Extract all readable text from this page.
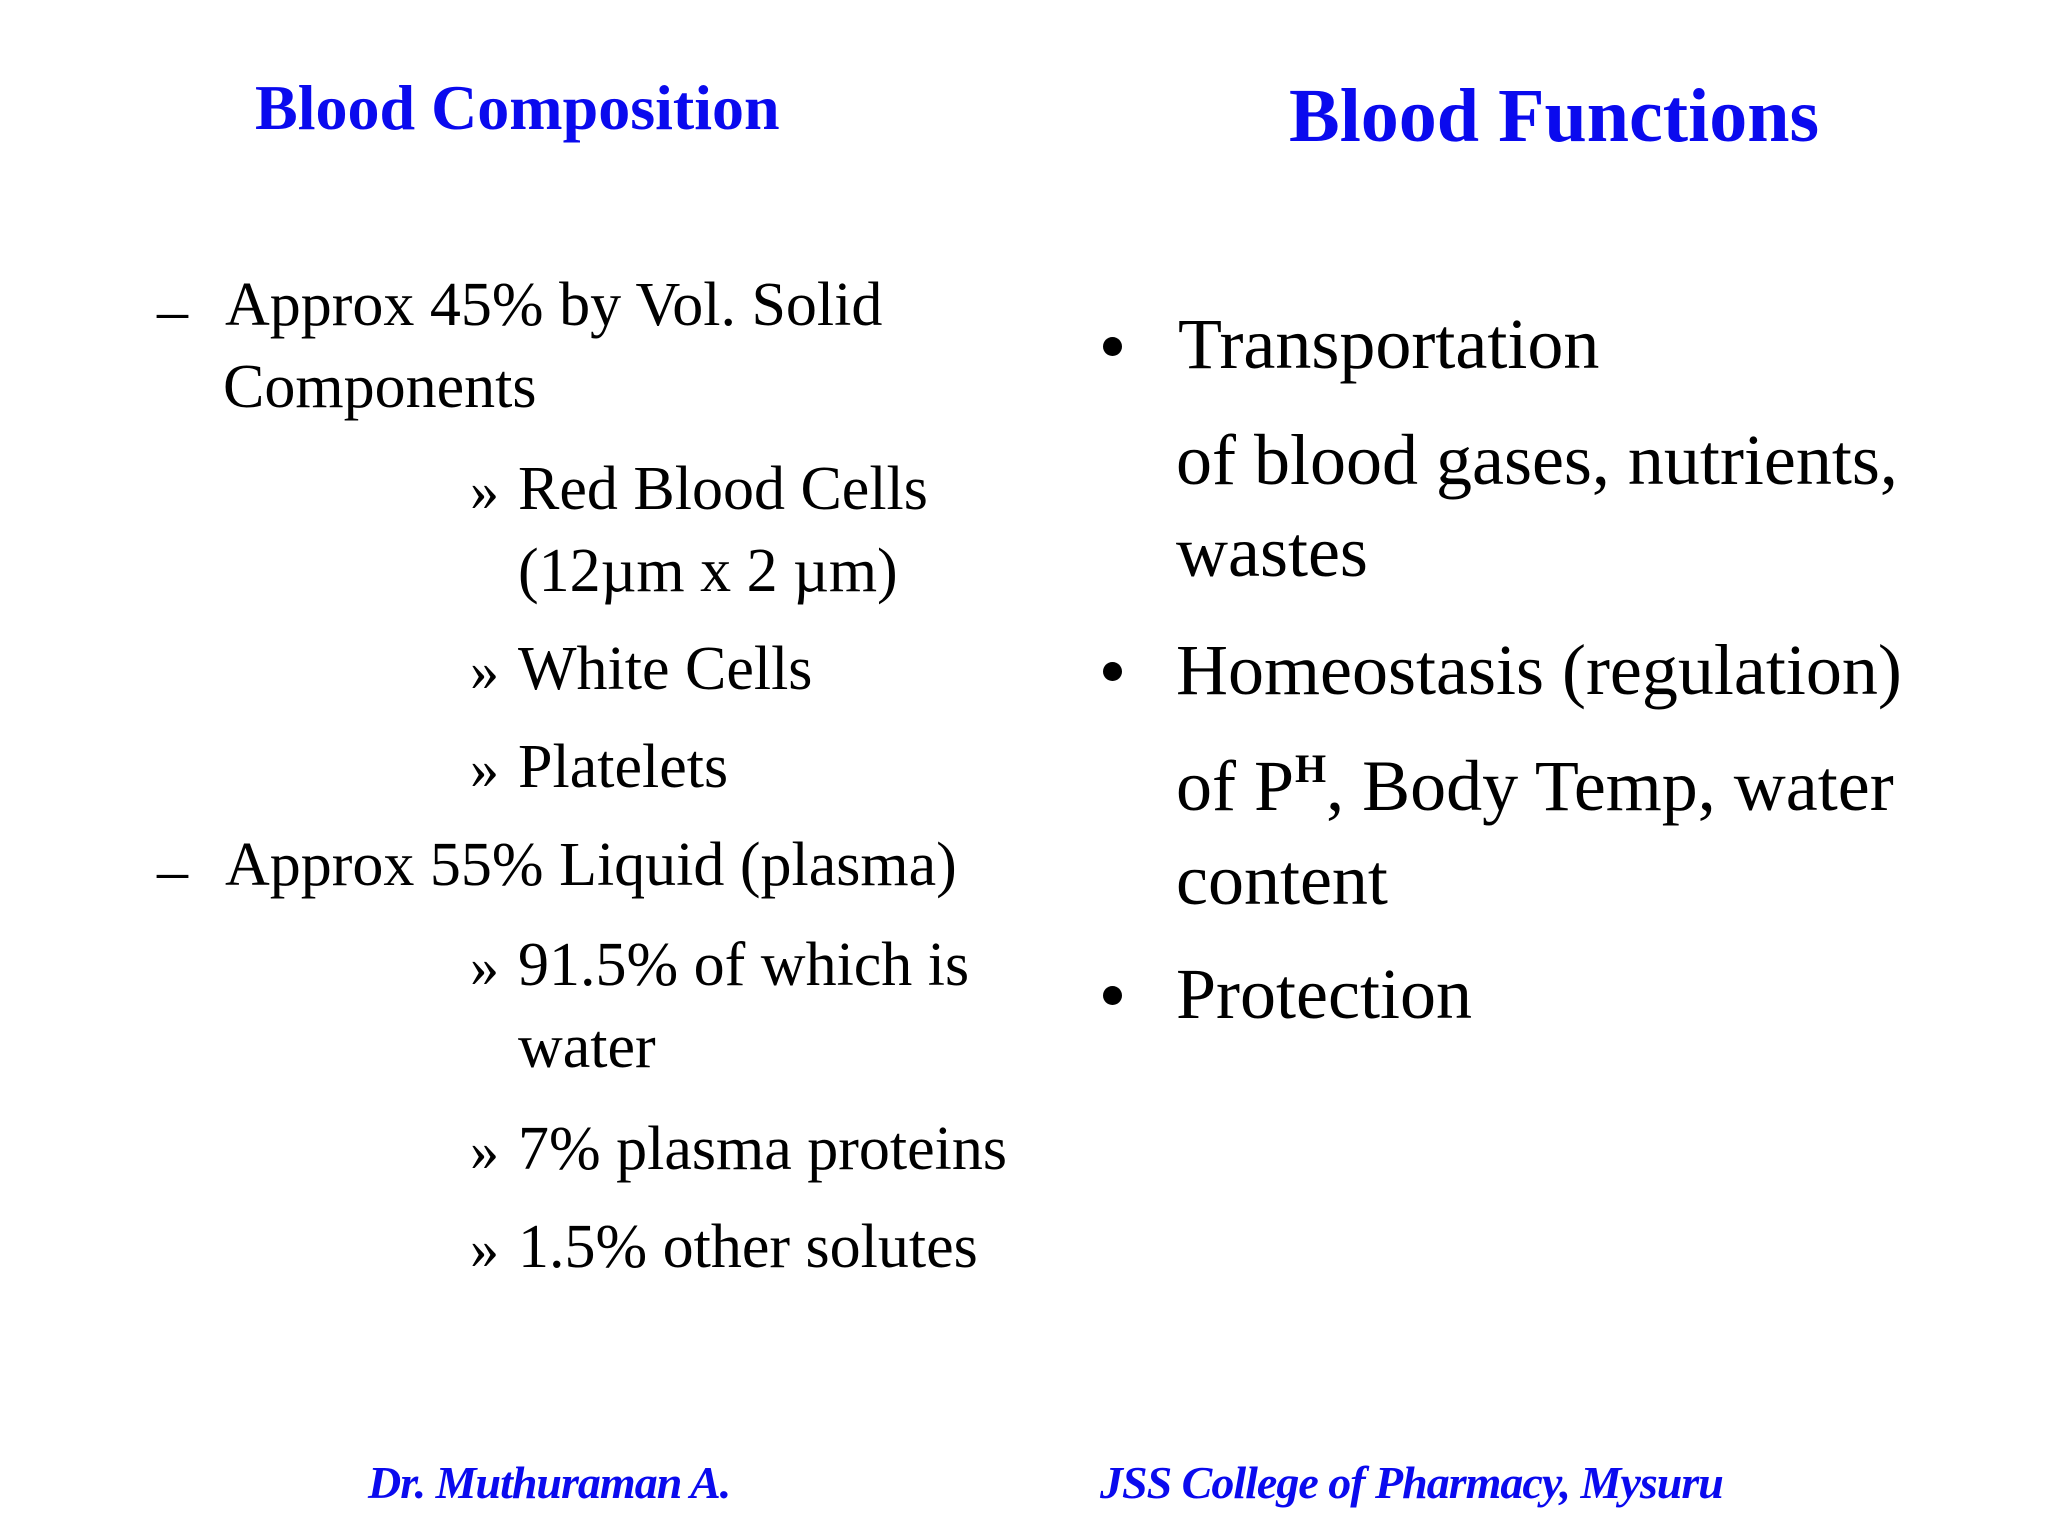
Blood Composition	Blood Functions
– Approx 45% by Vol. Solid
Components
» Red Blood Cells
(12µm x 2 µm)
» White Cells
» Platelets
– Approx 55% Liquid (plasma)
» 91.5% of which is
water
» 7% plasma proteins
» 1.5% other solutes
Transportation
of blood gases, nutrients,
wastes
Homeostasis (regulation)
of $P^H$, Body Temp, water
content
Protection
Dr. Muthuraman A.	JSS College of Pharmacy, Mysuru
